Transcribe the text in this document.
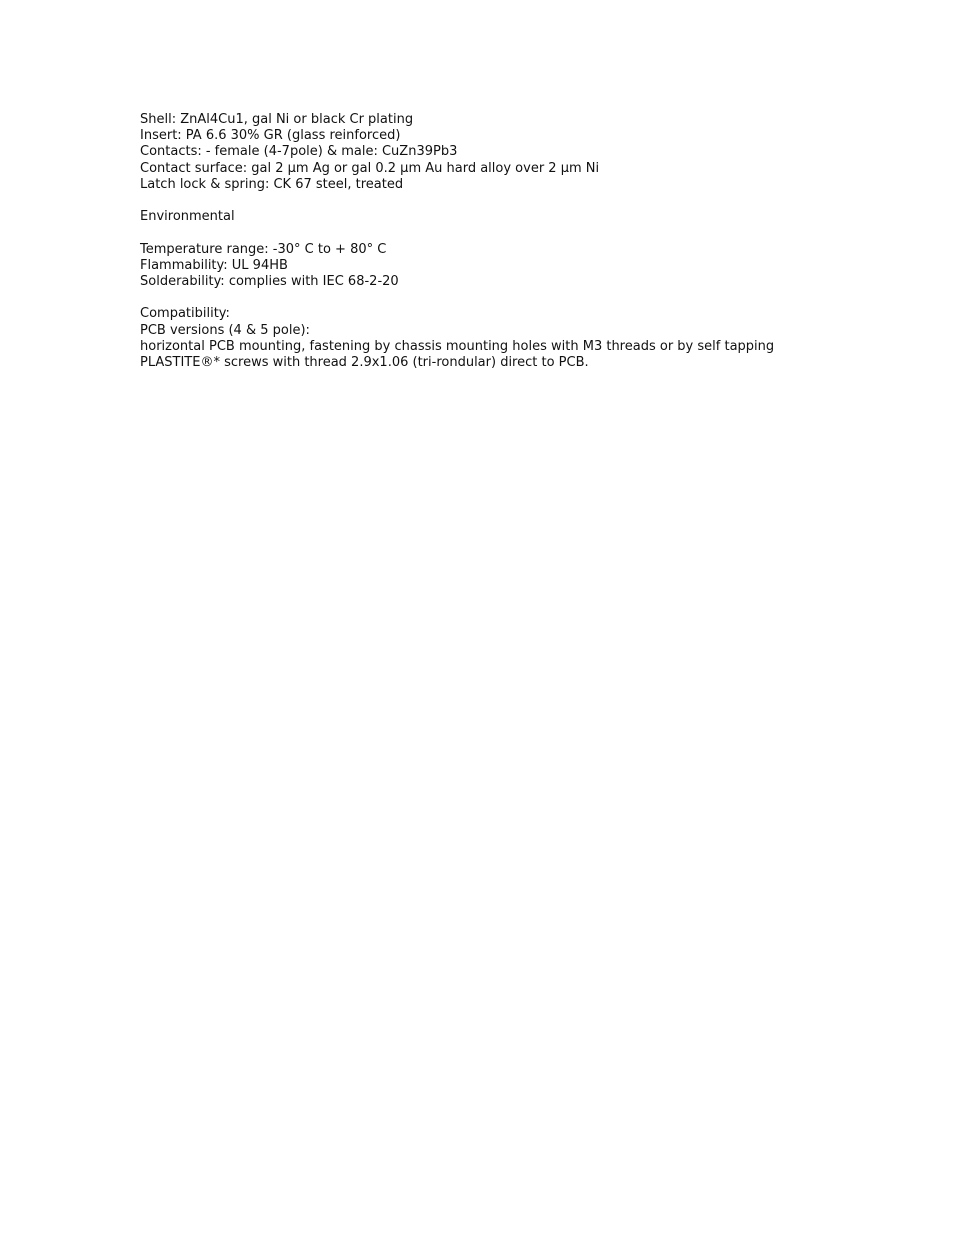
Shell: ZnAl4Cu1, gal Ni or black Cr plating
Insert: PA 6.6 30% GR (glass reinforced)
Contacts: - female (4-7pole) & male: CuZn39Pb3
Contact surface: gal 2 µm Ag or gal 0.2 µm Au hard alloy over 2 µm Ni
Latch lock & spring: CK 67 steel, treated
Environmental
Temperature range: -30° C to + 80° C
Flammability: UL 94HB
Solderability: complies with IEC 68-2-20
Compatibility:
PCB versions (4 & 5 pole):
horizontal PCB mounting, fastening by chassis mounting holes with M3 threads or by self tapping
PLASTITE®* screws with thread 2.9x1.06 (tri-rondular) direct to PCB.
